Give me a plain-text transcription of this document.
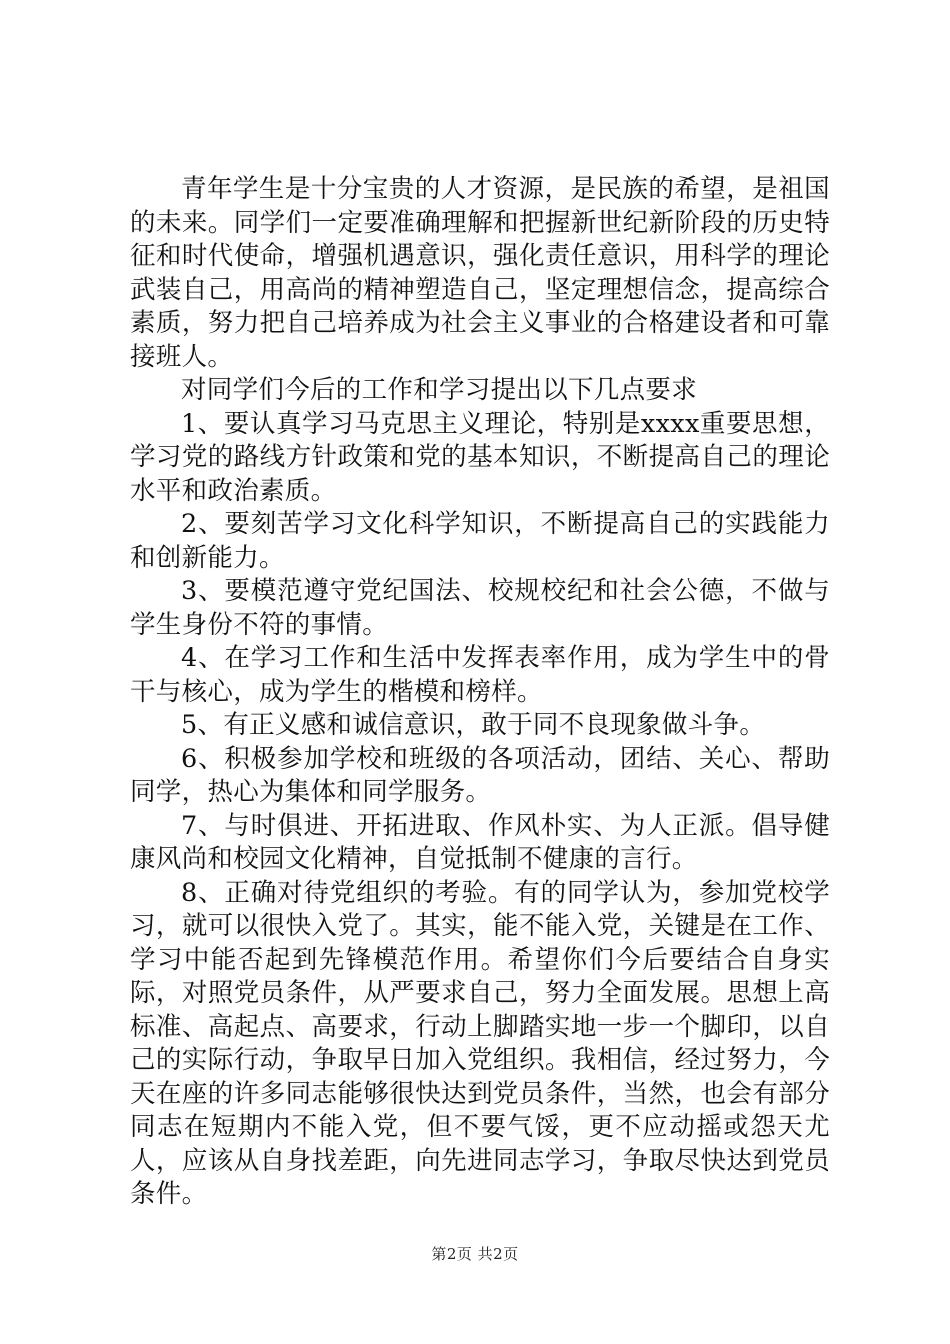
青年学生是十分宝贵的人才资源，是民族的希望，是祖国的未来。同学们一定要准确理解和把握新世纪新阶段的历史特征和时代使命，增强机遇意识，强化责任意识，用科学的理论武装自己，用高尚的精神塑造自己，坚定理想信念，提高综合素质，努力把自己培养成为社会主义事业的合格建设者和可靠接班人。

对同学们今后的工作和学习提出以下几点要求

1、要认真学习马克思主义理论，特别是xxxx重要思想，学习党的路线方针政策和党的基本知识，不断提高自己的理论水平和政治素质。

2、要刻苦学习文化科学知识，不断提高自己的实践能力和创新能力。

3、要模范遵守党纪国法、校规校纪和社会公德，不做与学生身份不符的事情。

4、在学习工作和生活中发挥表率作用，成为学生中的骨干与核心，成为学生的楷模和榜样。

5、有正义感和诚信意识，敢于同不良现象做斗争。

6、积极参加学校和班级的各项活动，团结、关心、帮助同学，热心为集体和同学服务。

7、与时俱进、开拓进取、作风朴实、为人正派。倡导健康风尚和校园文化精神，自觉抵制不健康的言行。

8、正确对待党组织的考验。有的同学认为，参加党校学习，就可以很快入党了。其实，能不能入党，关键是在工作、学习中能否起到先锋模范作用。希望你们今后要结合自身实际，对照党员条件，从严要求自己，努力全面发展。思想上高标准、高起点、高要求，行动上脚踏实地一步一个脚印，以自己的实际行动，争取早日加入党组织。我相信，经过努力，今天在座的许多同志能够很快达到党员条件，当然，也会有部分同志在短期内不能入党，但不要气馁，更不应动摇或怨天尤人，应该从自身找差距，向先进同志学习，争取尽快达到党员条件。

第2页 共2页
